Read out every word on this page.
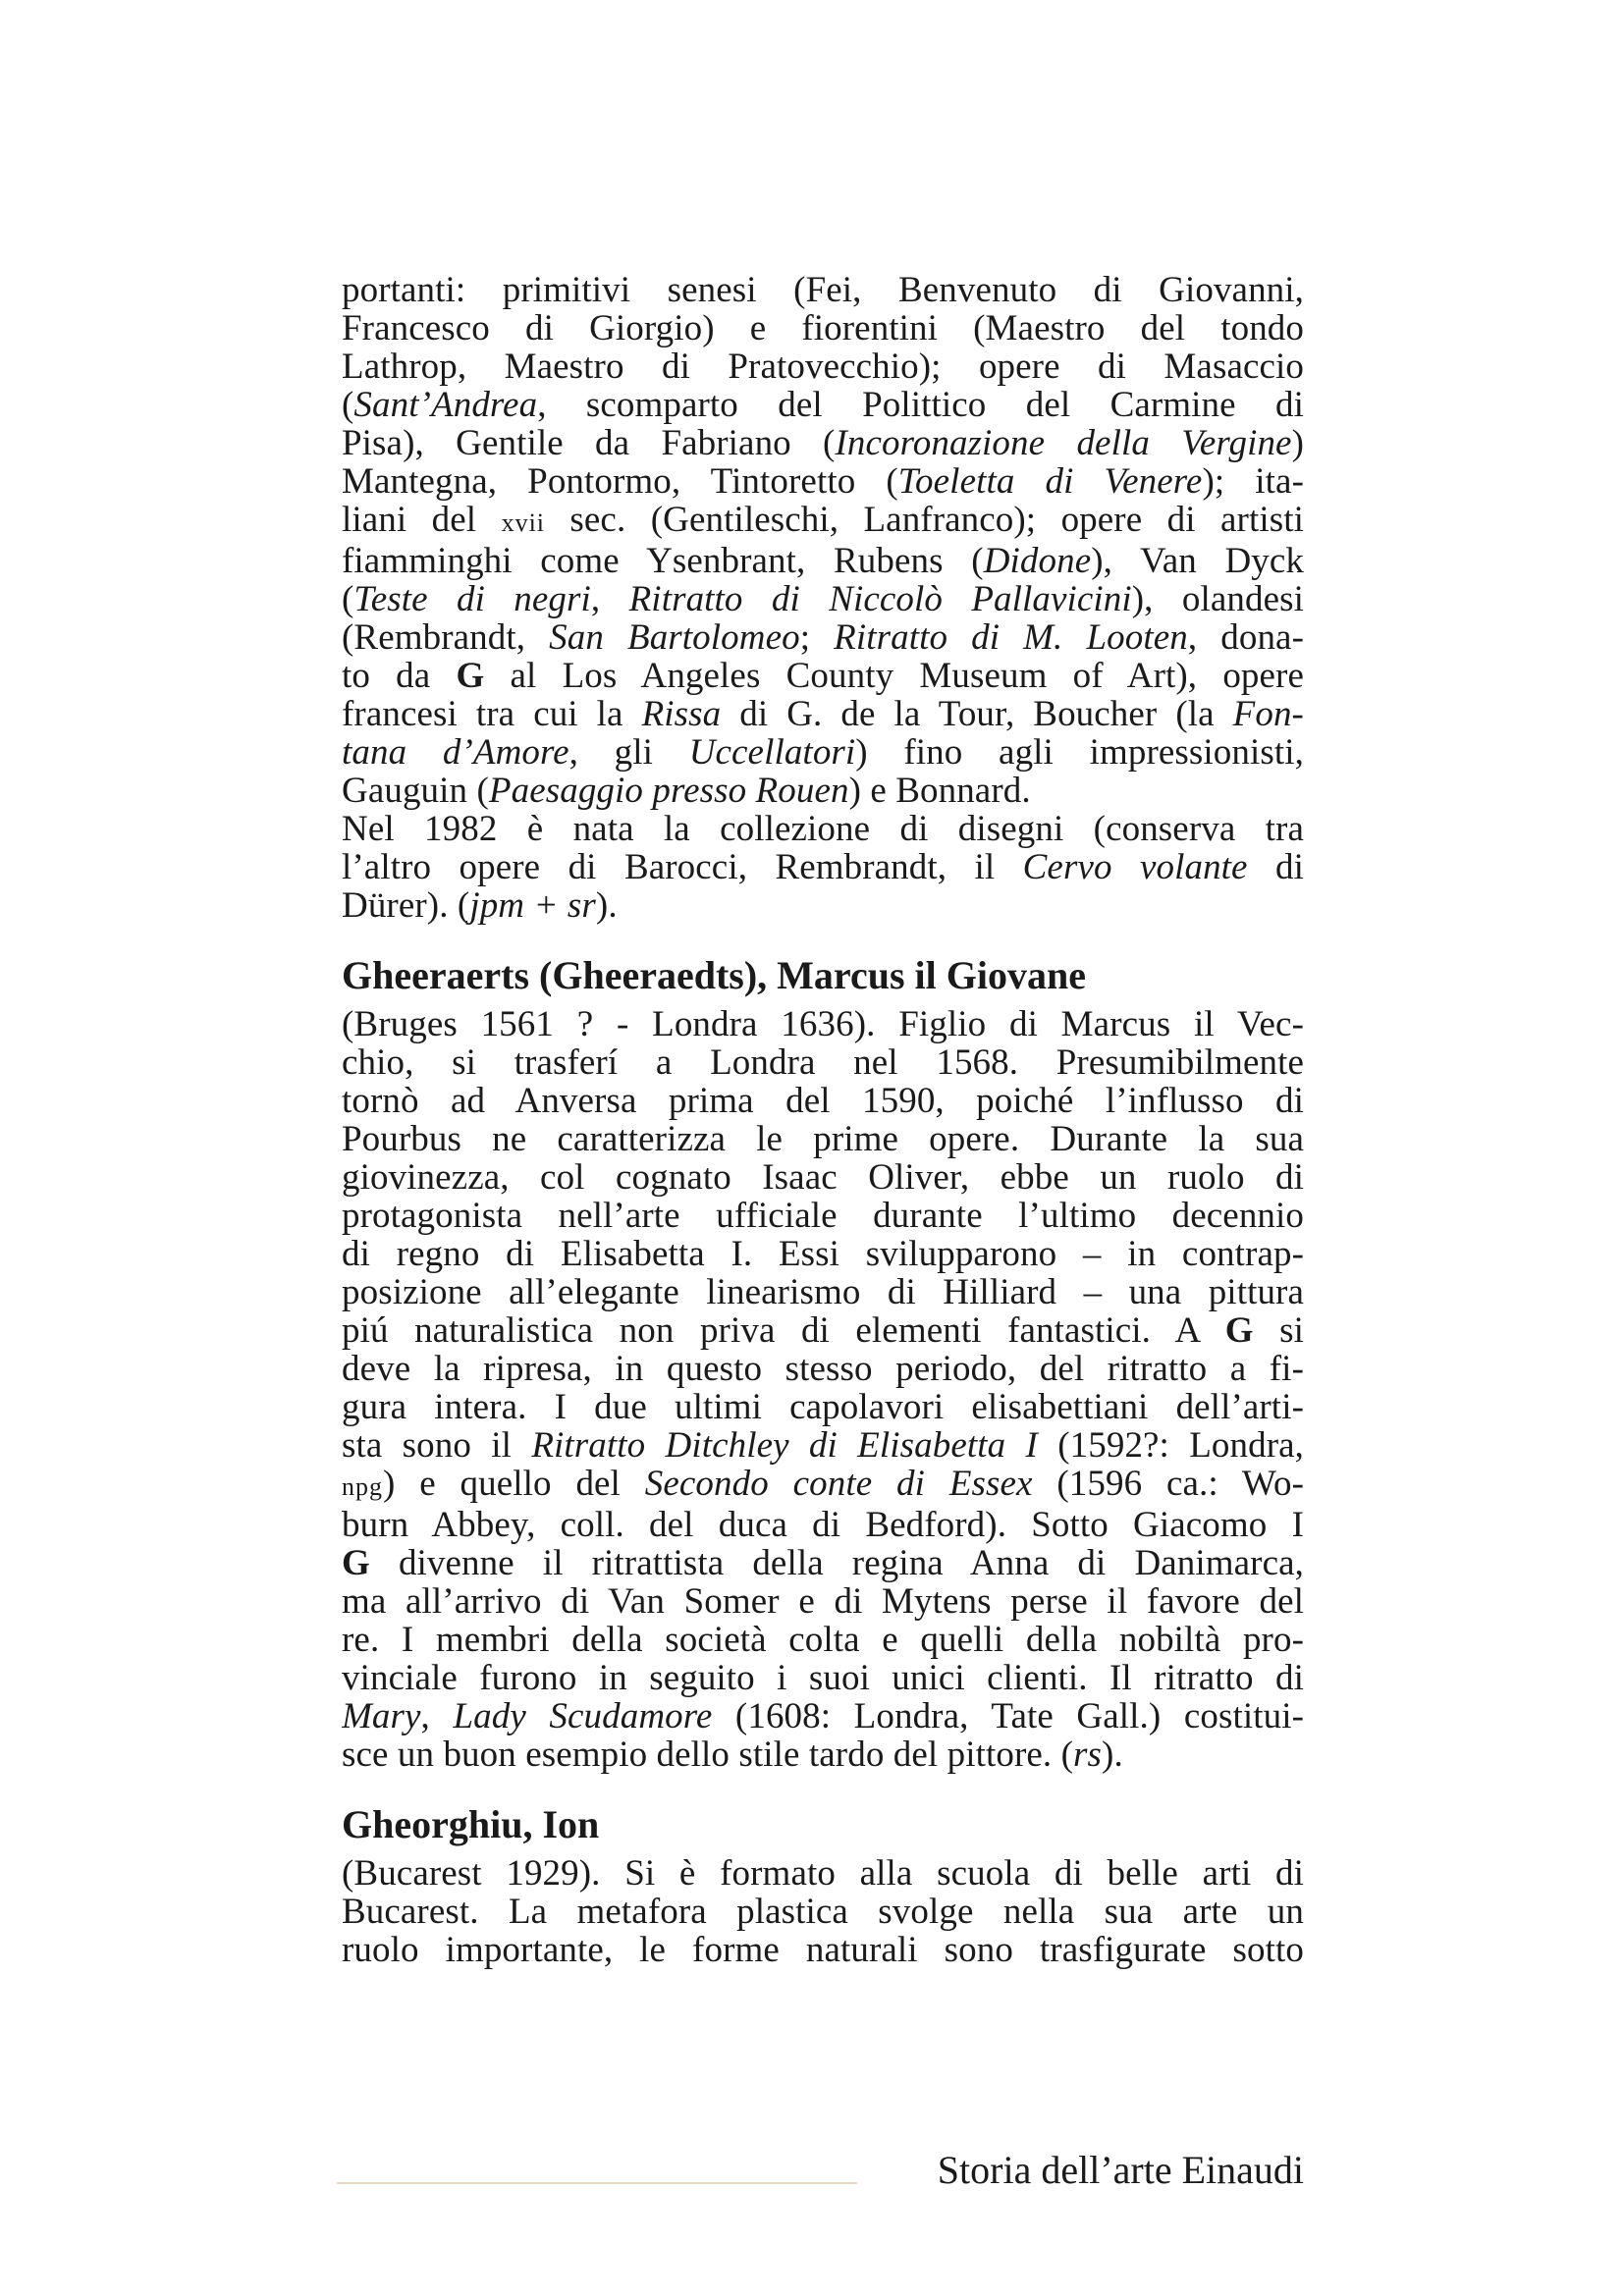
portanti: primitivi senesi (Fei, Benvenuto di Giovanni,
Francesco di Giorgio) e fiorentini (Maestro del tondo
Lathrop, Maestro di Pratovecchio); opere di Masaccio
(Sant’Andrea, scomparto del Polittico del Carmine di
Pisa), Gentile da Fabriano (Incoronazione della Vergine)
Mantegna, Pontormo, Tintoretto (Toeletta di Venere); ita-
liani del xvii sec. (Gentileschi, Lanfranco); opere di artisti
fiamminghi come Ysenbrant, Rubens (Didone), Van Dyck
(Teste di negri, Ritratto di Niccolò Pallavicini), olandesi
(Rembrandt, San Bartolomeo; Ritratto di M. Looten, dona-
to da G al Los Angeles County Museum of Art), opere
francesi tra cui la Rissa di G. de la Tour, Boucher (la Fon-
tana d’Amore, gli Uccellatori) fino agli impressionisti,
Gauguin (Paesaggio presso Rouen) e Bonnard.
Nel 1982 è nata la collezione di disegni (conserva tra
l’altro opere di Barocci, Rembrandt, il Cervo volante di
Dürer). (jpm + sr).
Gheeraerts (Gheeraedts), Marcus il Giovane
(Bruges 1561 ? - Londra 1636). Figlio di Marcus il Vec-
chio, si trasferí a Londra nel 1568. Presumibilmente
tornò ad Anversa prima del 1590, poiché l’influsso di
Pourbus ne caratterizza le prime opere. Durante la sua
giovinezza, col cognato Isaac Oliver, ebbe un ruolo di
protagonista nell’arte ufficiale durante l’ultimo decennio
di regno di Elisabetta I. Essi svilupparono – in contrap-
posizione all’elegante linearismo di Hilliard – una pittura
piú naturalistica non priva di elementi fantastici. A G si
deve la ripresa, in questo stesso periodo, del ritratto a fi-
gura intera. I due ultimi capolavori elisabettiani dell’arti-
sta sono il Ritratto Ditchley di Elisabetta I (1592?: Londra,
npg) e quello del Secondo conte di Essex (1596 ca.: Wo-
burn Abbey, coll. del duca di Bedford). Sotto Giacomo I
G divenne il ritrattista della regina Anna di Danimarca,
ma all’arrivo di Van Somer e di Mytens perse il favore del
re. I membri della società colta e quelli della nobiltà pro-
vinciale furono in seguito i suoi unici clienti. Il ritratto di
Mary, Lady Scudamore (1608: Londra, Tate Gall.) costitui-
sce un buon esempio dello stile tardo del pittore. (rs).
Gheorghiu, Ion
(Bucarest 1929). Si è formato alla scuola di belle arti di
Bucarest. La metafora plastica svolge nella sua arte un
ruolo importante, le forme naturali sono trasfigurate sotto
Storia dell’arte Einaudi
